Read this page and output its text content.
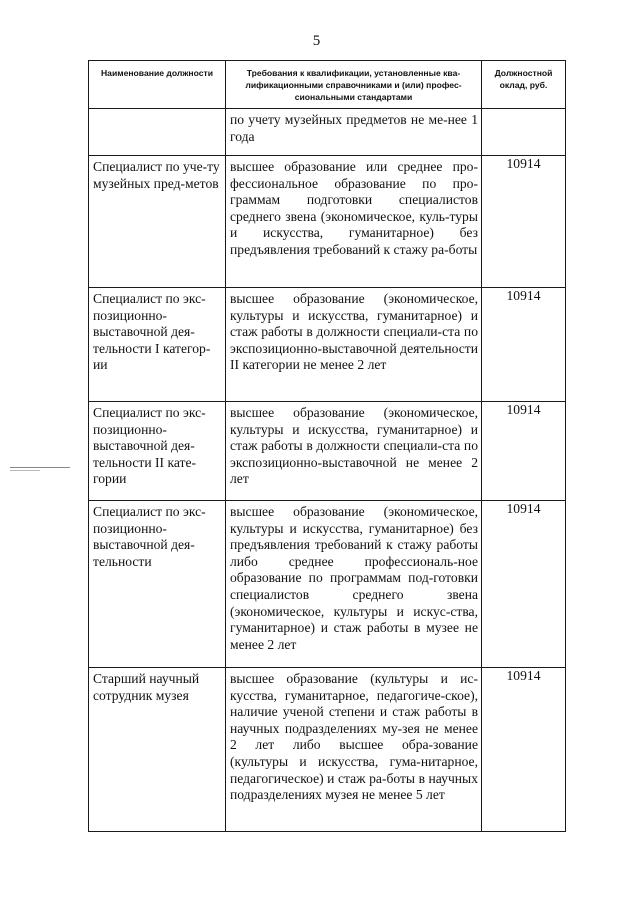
5
Наименование должности	Требования к квалификации, установленные ква-лификационными справочниками и (или) профес-сиональными стандартами	Должностной оклад, руб.
	по учету музейных предметов не ме-нее 1 года	
Специалист по уче-ту музейных пред-метов	высшее образование или среднее про-фессиональное образование по про-граммам подготовки специалистов среднего звена (экономическое, куль-туры и искусства, гуманитарное) без предъявления требований к стажу ра-боты	10914
Специалист по экс-позиционно-выставочной дея-тельности I категор-ии	высшее образование (экономическое, культуры и искусства, гуманитарное) и стаж работы в должности специали-ста по экспозиционно-выставочной деятельности II категории не менее 2 лет	10914
Специалист по экс-позиционно-выставочной дея-тельности II кате-гории	высшее образование (экономическое, культуры и искусства, гуманитарное) и стаж работы в должности специали-ста по экспозиционно-выставочной не менее 2 лет	10914
Специалист по экс-позиционно-выставочной дея-тельности	высшее образование (экономическое, культуры и искусства, гуманитарное) без предъявления требований к стажу работы либо среднее профессиональ-ное образование по программам под-готовки специалистов среднего звена (экономическое, культуры и искус-ства, гуманитарное) и стаж работы в музее не менее 2 лет	10914
Старший научный сотрудник музея	высшее образование (культуры и ис-кусства, гуманитарное, педагогиче-ское), наличие ученой степени и стаж работы в научных подразделениях му-зея не менее 2 лет либо высшее обра-зование (культуры и искусства, гума-нитарное, педагогическое) и стаж ра-боты в научных подразделениях музея не менее 5 лет	10914
